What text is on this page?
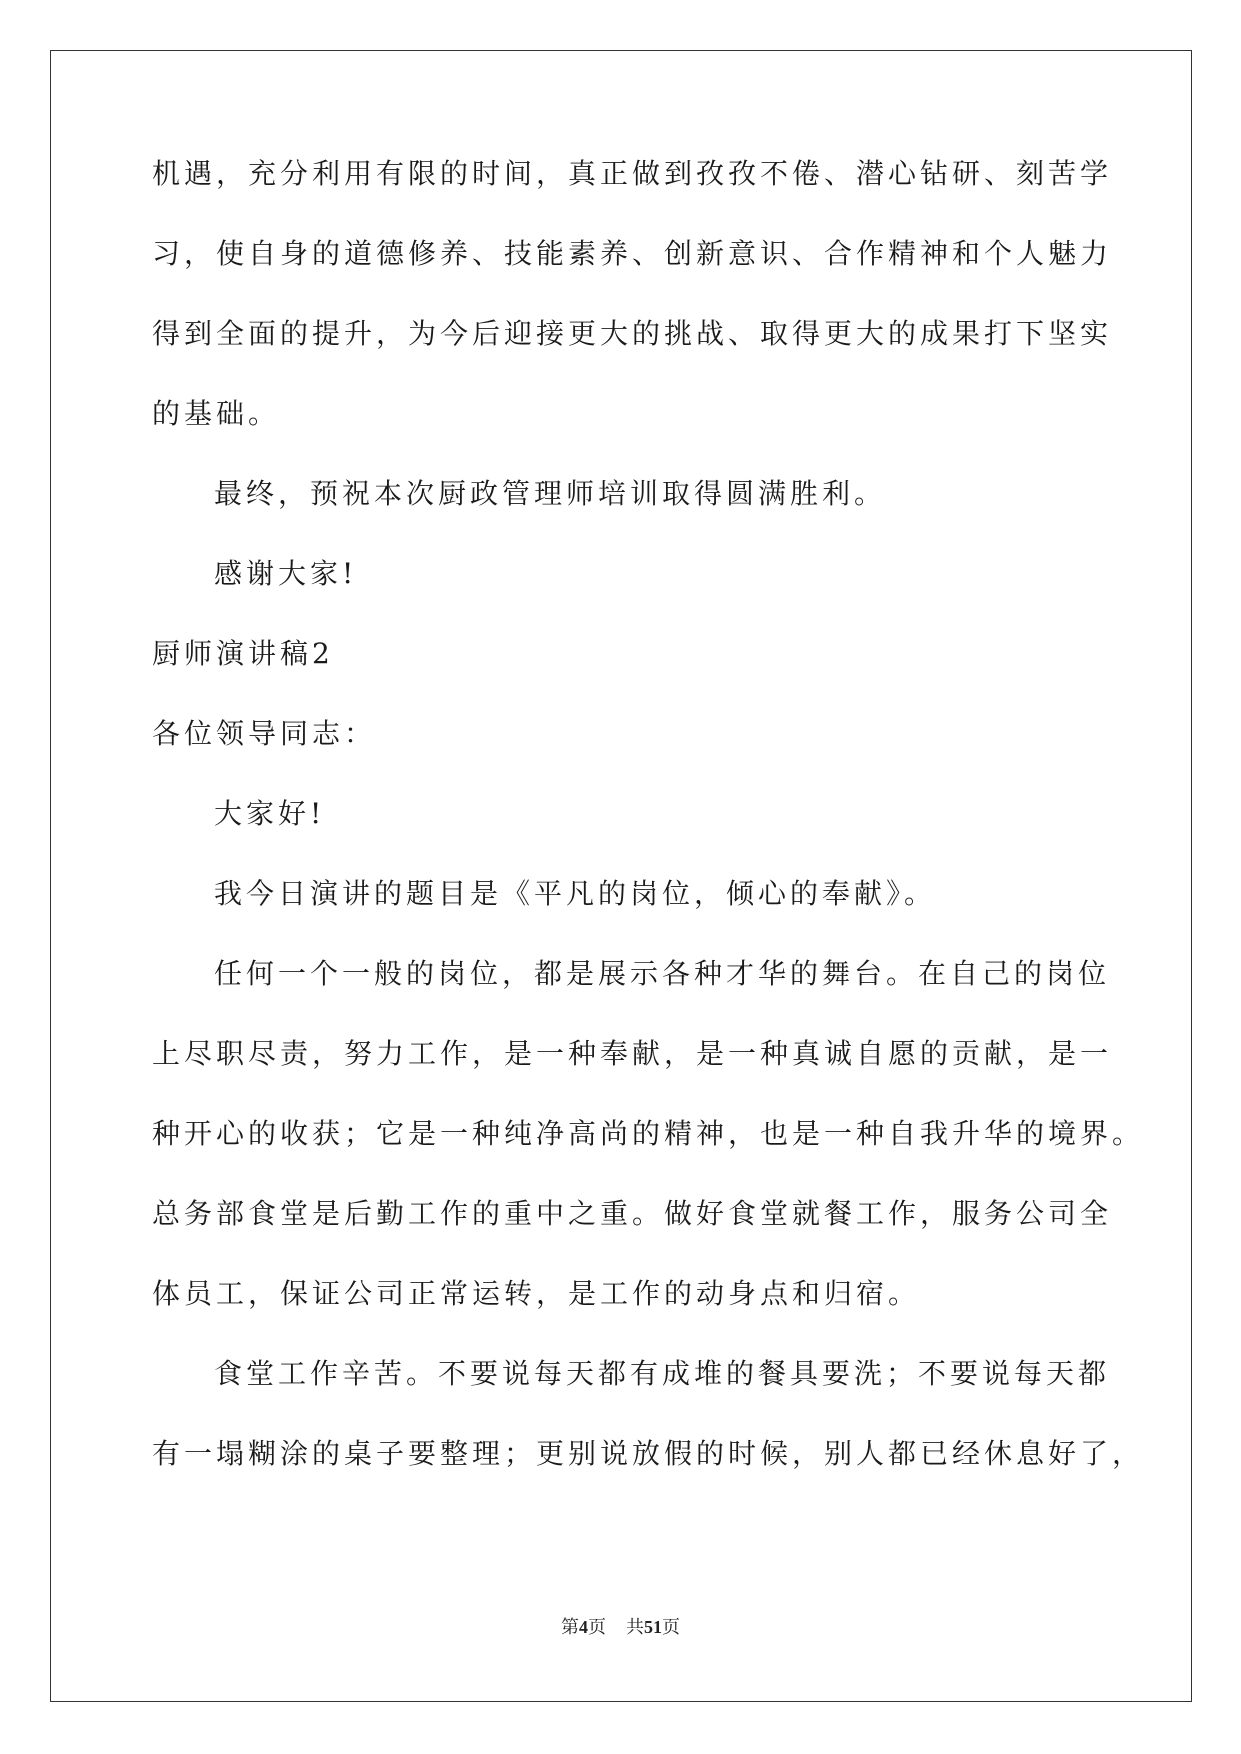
机遇，充分利用有限的时间，真正做到孜孜不倦、潜心钻研、刻苦学

习，使自身的道德修养、技能素养、创新意识、合作精神和个人魅力

得到全面的提升，为今后迎接更大的挑战、取得更大的成果打下坚实

的基础。

最终，预祝本次厨政管理师培训取得圆满胜利。

感谢大家!

厨师演讲稿2

各位领导同志：

大家好!

我今日演讲的题目是《平凡的岗位，倾心的奉献》。

任何一个一般的岗位，都是展示各种才华的舞台。在自己的岗位

上尽职尽责，努力工作，是一种奉献，是一种真诚自愿的贡献，是一

种开心的收获；它是一种纯净高尚的精神，也是一种自我升华的境界。

总务部食堂是后勤工作的重中之重。做好食堂就餐工作，服务公司全

体员工，保证公司正常运转，是工作的动身点和归宿。

食堂工作辛苦。不要说每天都有成堆的餐具要洗；不要说每天都

有一塌糊涂的桌子要整理；更别说放假的时候，别人都已经休息好了，

第4页 共51页
